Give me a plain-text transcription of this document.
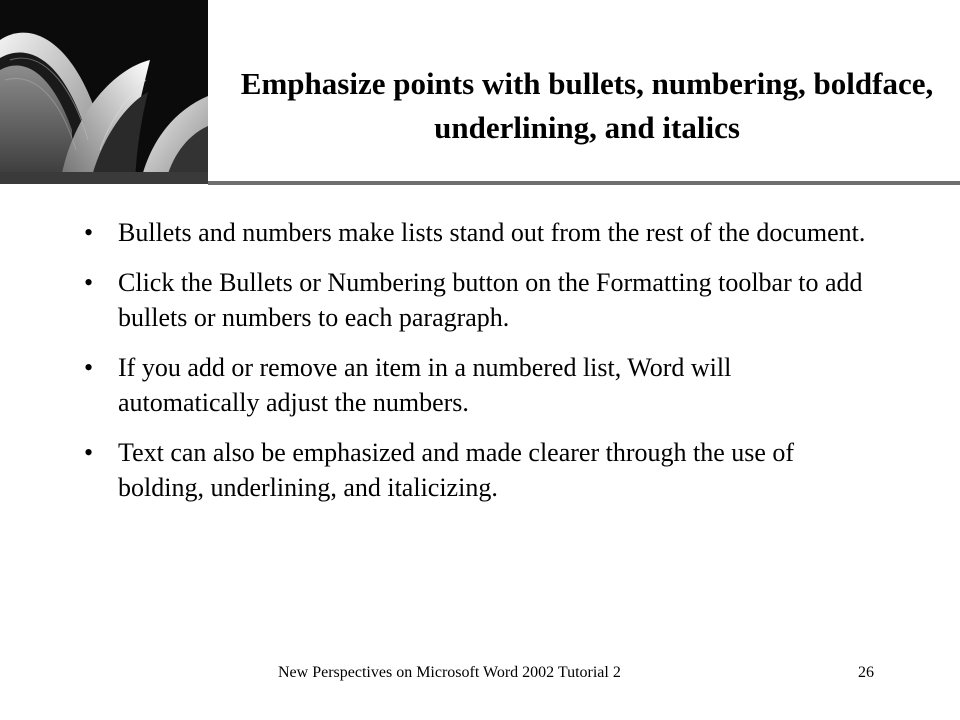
Emphasize points with bullets, numbering, boldface, underlining, and italics
• Bullets and numbers make lists stand out from the rest of the document.
• Click the Bullets or Numbering button on the Formatting toolbar to add bullets or numbers to each paragraph.
• If you add or remove an item in a numbered list, Word will automatically adjust the numbers.
• Text can also be emphasized and made clearer through the use of bolding, underlining, and italicizing.
New Perspectives on Microsoft Word 2002 Tutorial 2	26
